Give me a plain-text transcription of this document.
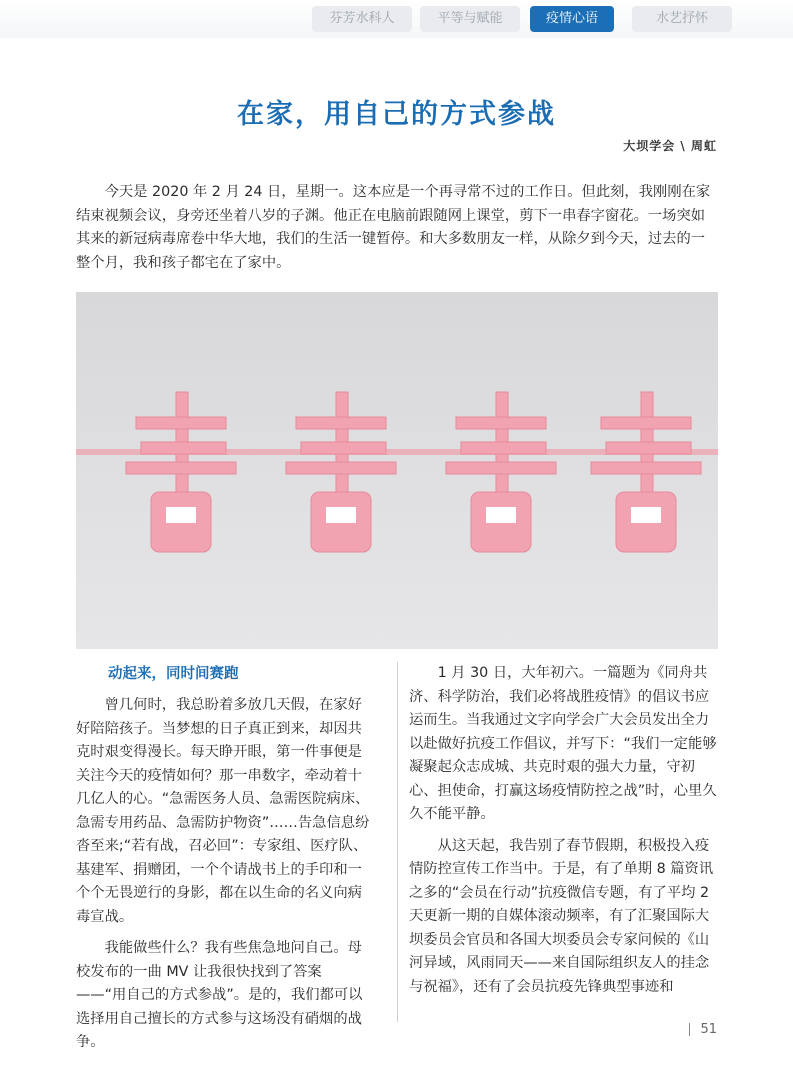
芬芳水科人	平等与赋能	疫情心语	水艺抒怀
在家，用自己的方式参战
大坝学会 \ 周虹

今天是 2020 年 2 月 24 日，星期一。这本应是一个再寻常不过的工作日。但此刻，我刚刚在家结束视频会议，身旁还坐着八岁的子渊。他正在电脑前跟随网上课堂，剪下一串春字窗花。一场突如其来的新冠病毒席卷中华大地，我们的生活一键暂停。和大多数朋友一样，从除夕到今天，过去的一整个月，我和孩子都宅在了家中。

动起来，同时间赛跑

曾几何时，我总盼着多放几天假，在家好好陪陪孩子。当梦想的日子真正到来，却因共克时艰变得漫长。每天睁开眼，第一件事便是关注今天的疫情如何？那一串数字，牵动着十几亿人的心。“急需医务人员、急需医院病床、急需专用药品、急需防护物资”……告急信息纷沓至来;“若有战，召必回”：专家组、医疗队、基建军、捐赠团，一个个请战书上的手印和一个个无畏逆行的身影，都在以生命的名义向病毒宣战。

我能做些什么？我有些焦急地问自己。母校发布的一曲 MV 让我很快找到了答案——“用自己的方式参战”。是的，我们都可以选择用自己擅长的方式参与这场没有硝烟的战争。

1 月 30 日，大年初六。一篇题为《同舟共济、科学防治，我们必将战胜疫情》的倡议书应运而生。当我通过文字向学会广大会员发出全力以赴做好抗疫工作倡议，并写下：“我们一定能够凝聚起众志成城、共克时艰的强大力量，守初心、担使命，打赢这场疫情防控之战”时，心里久久不能平静。

从这天起，我告别了春节假期，积极投入疫情防控宣传工作当中。于是，有了单期 8 篇资讯之多的“会员在行动”抗疫微信专题，有了平均 2 天更新一期的自媒体滚动频率，有了汇聚国际大坝委员会官员和各国大坝委员会专家问候的《山河异域，风雨同天——来自国际组织友人的挂念与祝福》，还有了会员抗疫先锋典型事迹和

51
